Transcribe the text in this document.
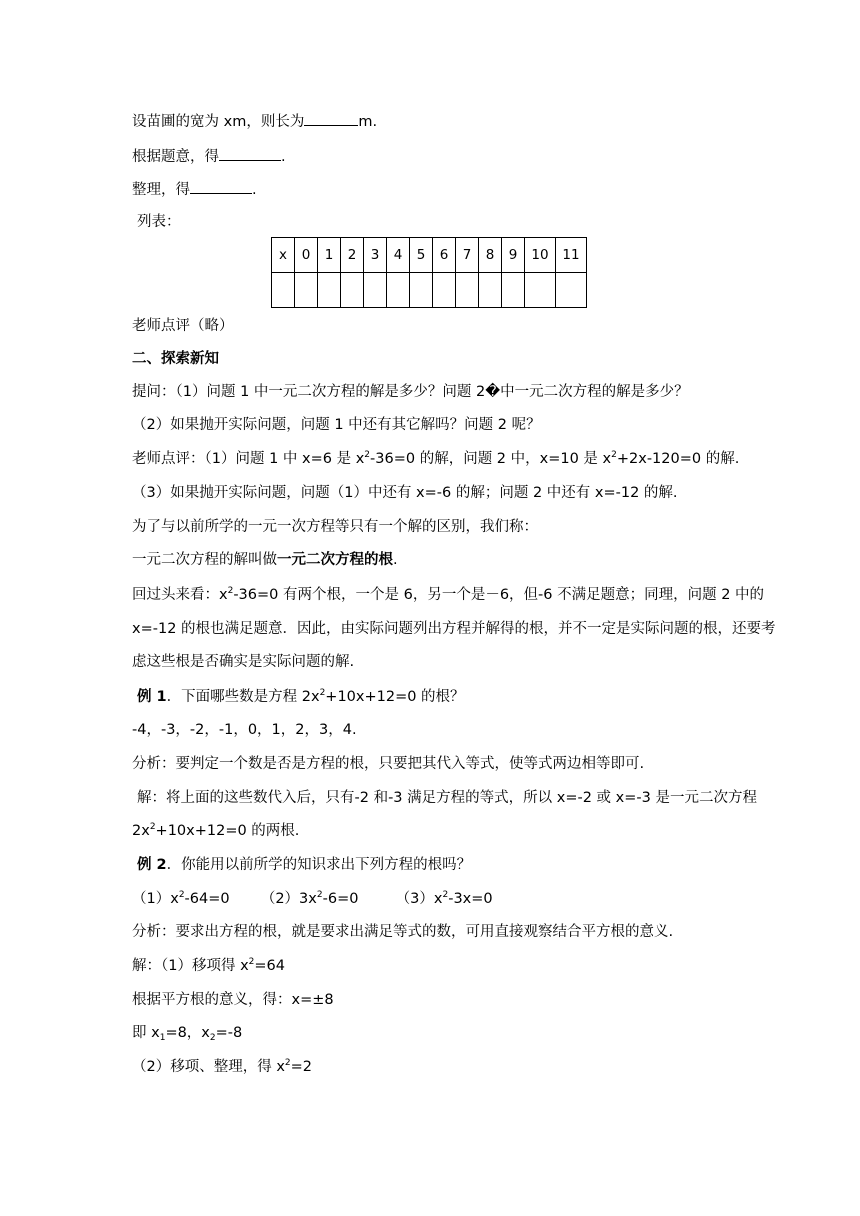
设苗圃的宽为 xm，则长为	m.
根据题意，得	.
整理，得	.
列表：
x	0	1	2	3	4	5	6	7	8	9	10	11

老师点评（略）
二、探索新知
提问：（1）问题 1 中一元二次方程的解是多少？问题 2�中一元二次方程的解是多少？
（2）如果抛开实际问题，问题 1 中还有其它解吗？问题 2 呢？
老师点评：（1）问题 1 中 x=6 是 $x^2-36=0$ 的解，问题 2 中，x=10 是 $x^2+2x-120=0$ 的解.
（3）如果抛开实际问题，问题（1）中还有 x=-6 的解；问题 2 中还有 x=-12 的解.
为了与以前所学的一元一次方程等只有一个解的区别，我们称：
一元二次方程的解叫做一元二次方程的根.
回过头来看：$x^2-36=0$ 有两个根，一个是 6，另一个是－6，但-6 不满足题意；同理，问题 2 中的
x=-12 的根也满足题意．因此，由实际问题列出方程并解得的根，并不一定是实际问题的根，还要考
虑这些根是否确实是实际问题的解.
例 1．下面哪些数是方程 $2x^2+10x+12=0$ 的根？
-4，-3，-2，-1，0，1，2，3，4.
分析：要判定一个数是否是方程的根，只要把其代入等式，使等式两边相等即可.
解：将上面的这些数代入后，只有-2 和-3 满足方程的等式，所以 x=-2 或 x=-3 是一元二次方程
$2x^2+10x+12=0$ 的两根.
例 2．你能用以前所学的知识求出下列方程的根吗？
$(1)x^2-64=0$ $(2)3x^2-6=0$	$(3)x^2-3x=0$
分析：要求出方程的根，就是要求出满足等式的数，可用直接观察结合平方根的意义.
解：（1）移项得 $x^2=64$
根据平方根的意义，得：x=±8
即 $x_1=8$，$x_2=-8$
（2）移项、整理，得 $x^2=2$
